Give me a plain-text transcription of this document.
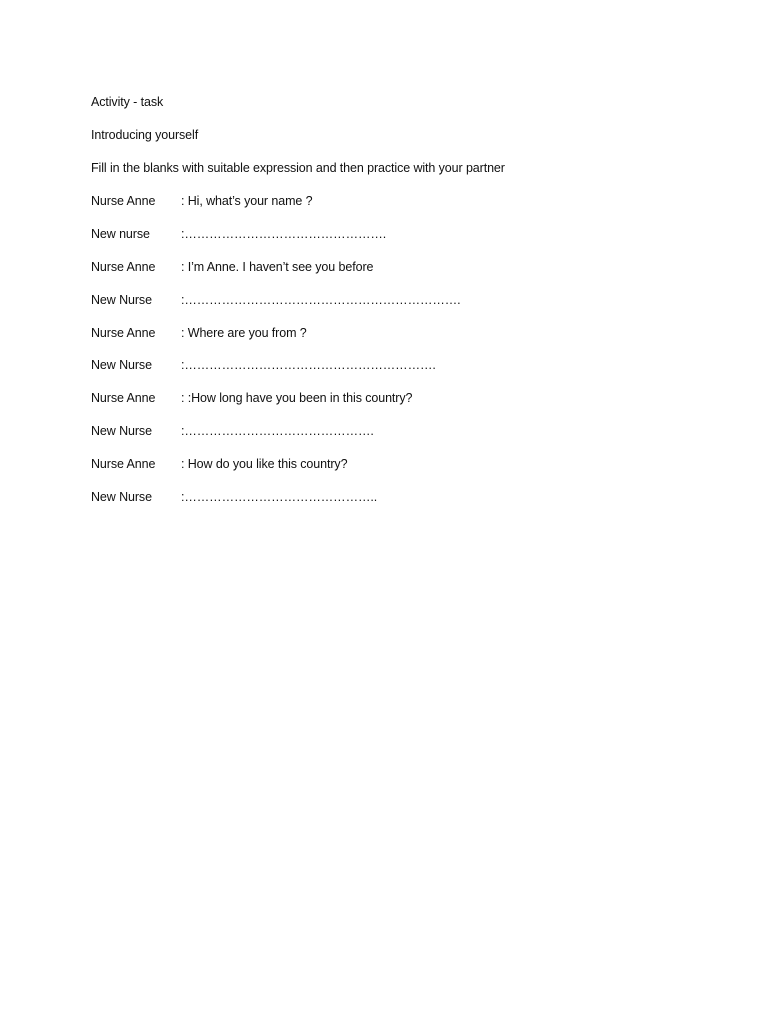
Activity - task
Introducing yourself
Fill in the blanks with suitable expression and then practice with your partner
Nurse Anne : Hi, what’s your name ?
New nurse :………………………………………….
Nurse Anne : I’m Anne. I haven’t see you before
New Nurse :………………………………………………………….
Nurse Anne : Where are you from ?
New Nurse :…………………………………………………….
Nurse Anne : :How long have you been in this country?
New Nurse :……………………………………….
Nurse Anne : How do you like this country?
New Nurse :………………………………………..
